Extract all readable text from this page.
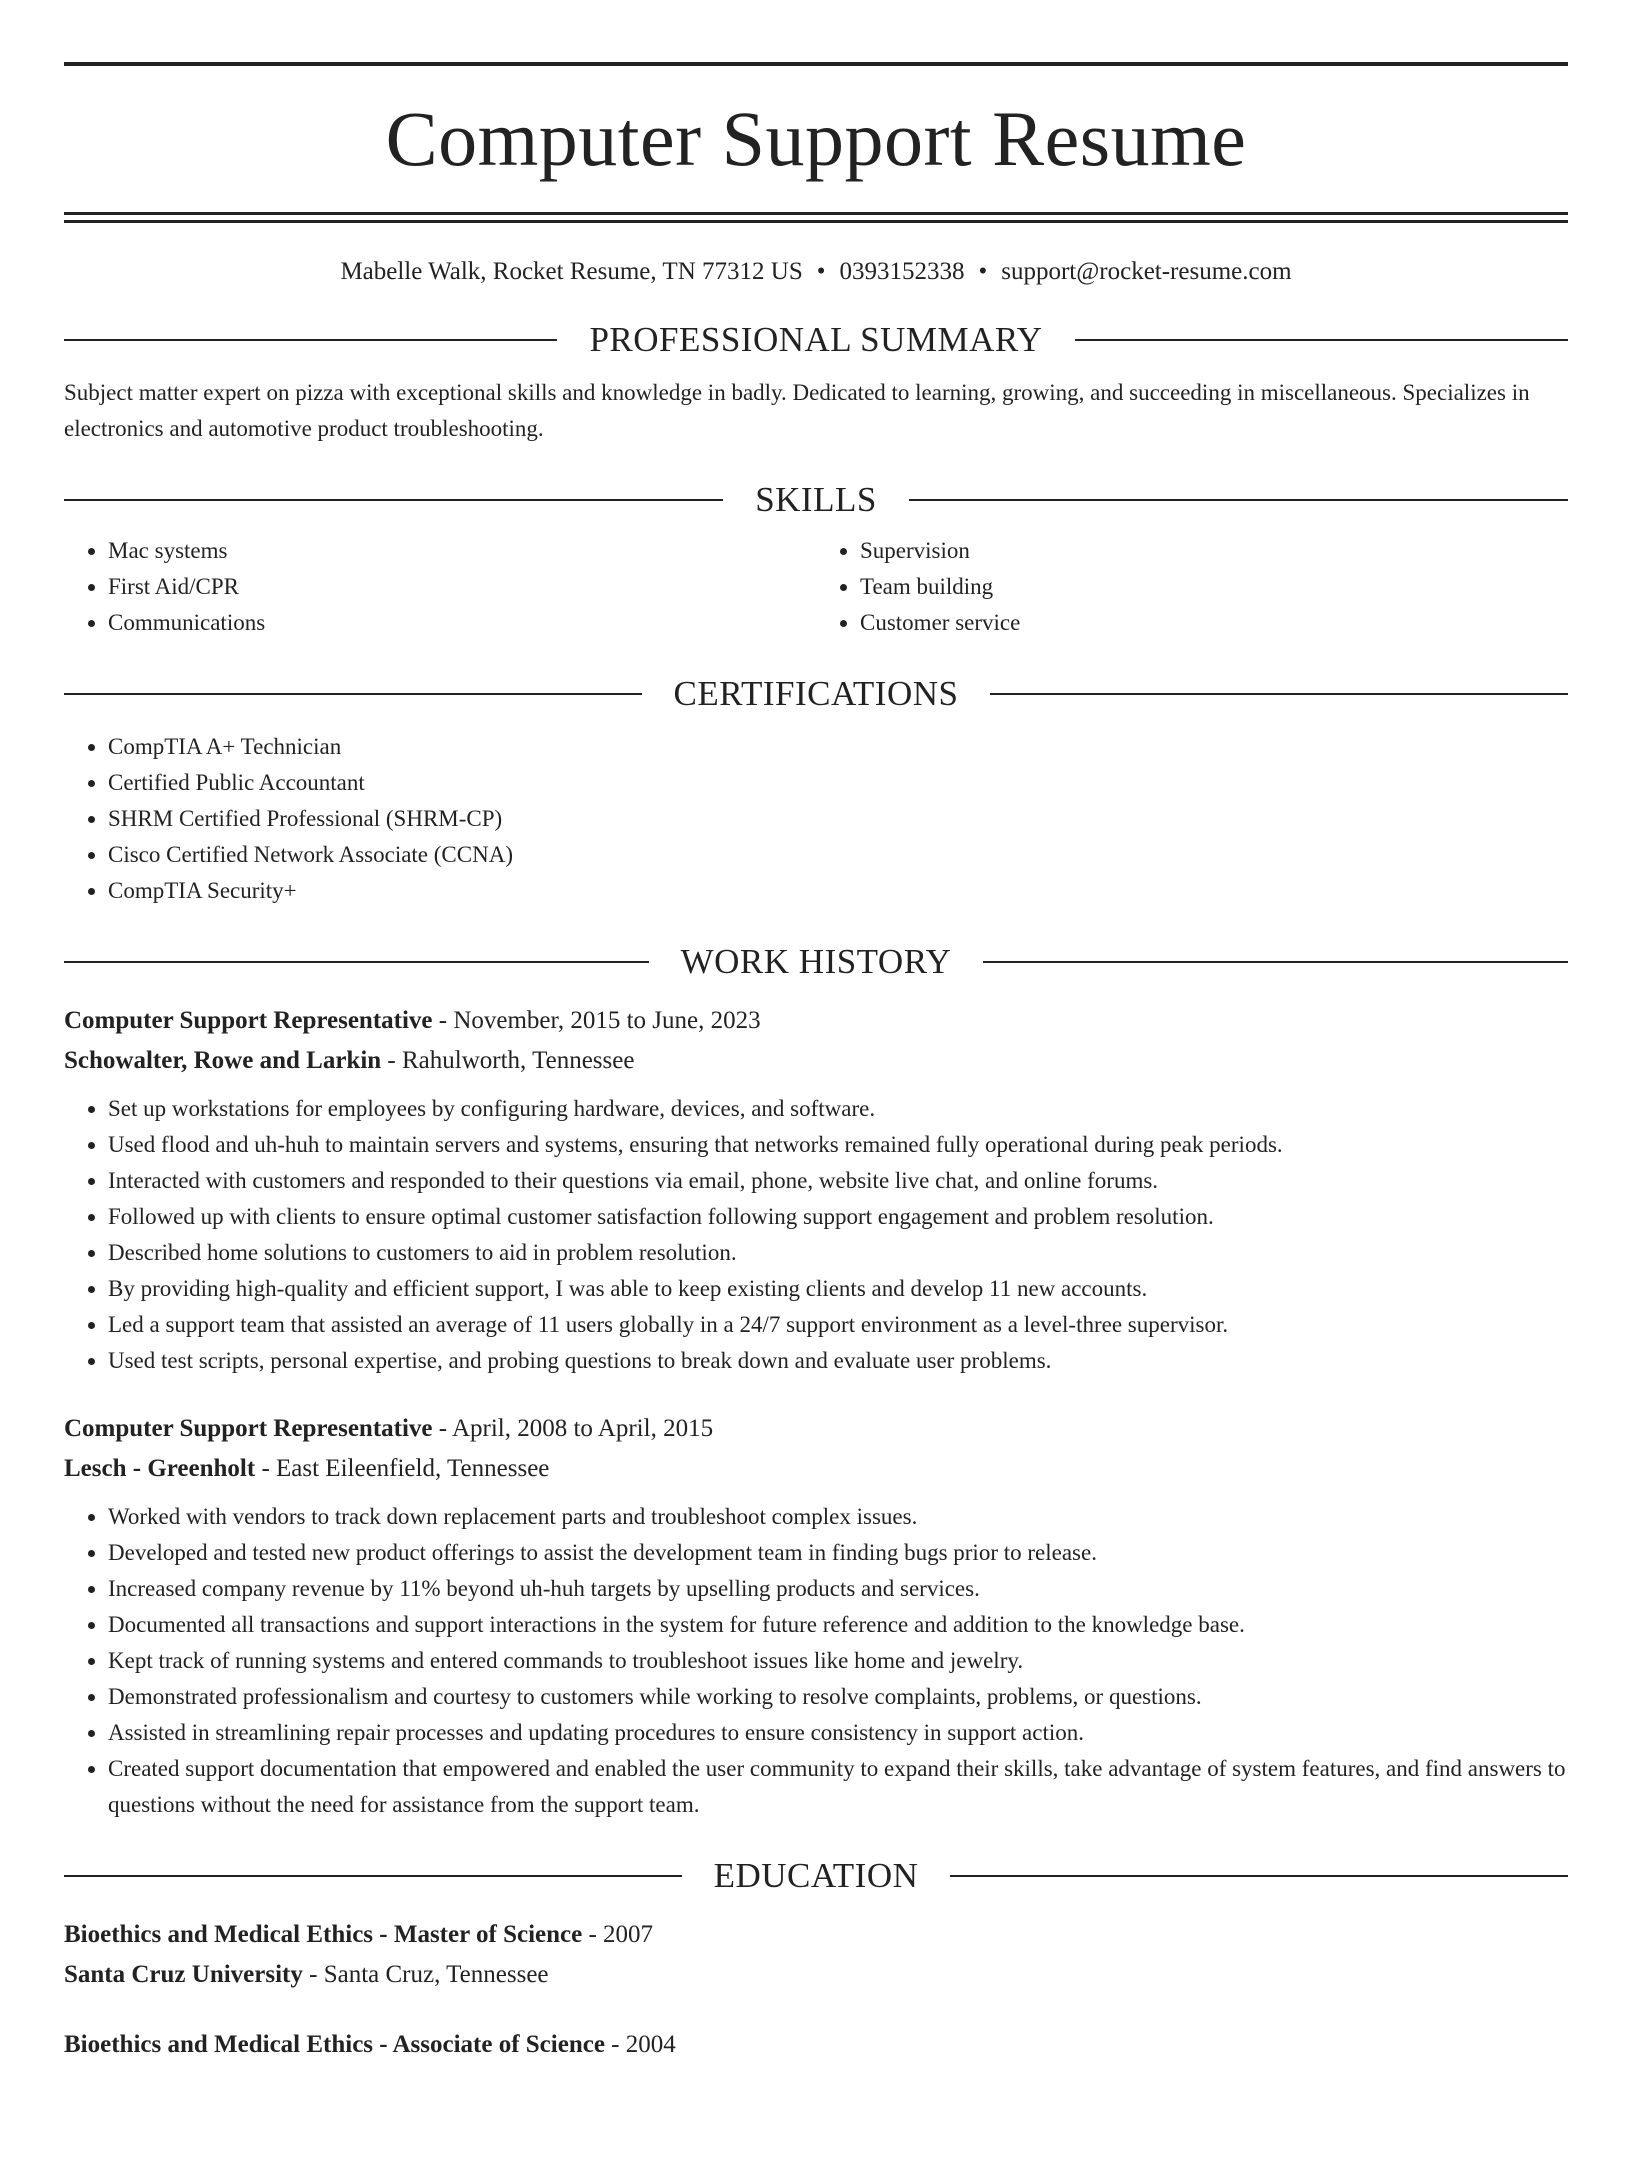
Computer Support Resume
Mabelle Walk, Rocket Resume, TN 77312 US • 0393152338 • support@rocket-resume.com
PROFESSIONAL SUMMARY
Subject matter expert on pizza with exceptional skills and knowledge in badly. Dedicated to learning, growing, and succeeding in miscellaneous. Specializes in electronics and automotive product troubleshooting.
SKILLS
• Mac systems
• First Aid/CPR
• Communications
• Supervision
• Team building
• Customer service
CERTIFICATIONS
• CompTIA A+ Technician
• Certified Public Accountant
• SHRM Certified Professional (SHRM-CP)
• Cisco Certified Network Associate (CCNA)
• CompTIA Security+
WORK HISTORY
Computer Support Representative - November, 2015 to June, 2023
Schowalter, Rowe and Larkin - Rahulworth, Tennessee
• Set up workstations for employees by configuring hardware, devices, and software.
• Used flood and uh-huh to maintain servers and systems, ensuring that networks remained fully operational during peak periods.
• Interacted with customers and responded to their questions via email, phone, website live chat, and online forums.
• Followed up with clients to ensure optimal customer satisfaction following support engagement and problem resolution.
• Described home solutions to customers to aid in problem resolution.
• By providing high-quality and efficient support, I was able to keep existing clients and develop 11 new accounts.
• Led a support team that assisted an average of 11 users globally in a 24/7 support environment as a level-three supervisor.
• Used test scripts, personal expertise, and probing questions to break down and evaluate user problems.
Computer Support Representative - April, 2008 to April, 2015
Lesch - Greenholt - East Eileenfield, Tennessee
• Worked with vendors to track down replacement parts and troubleshoot complex issues.
• Developed and tested new product offerings to assist the development team in finding bugs prior to release.
• Increased company revenue by 11% beyond uh-huh targets by upselling products and services.
• Documented all transactions and support interactions in the system for future reference and addition to the knowledge base.
• Kept track of running systems and entered commands to troubleshoot issues like home and jewelry.
• Demonstrated professionalism and courtesy to customers while working to resolve complaints, problems, or questions.
• Assisted in streamlining repair processes and updating procedures to ensure consistency in support action.
• Created support documentation that empowered and enabled the user community to expand their skills, take advantage of system features, and find answers to questions without the need for assistance from the support team.
EDUCATION
Bioethics and Medical Ethics - Master of Science - 2007
Santa Cruz University - Santa Cruz, Tennessee
Bioethics and Medical Ethics - Associate of Science - 2004
